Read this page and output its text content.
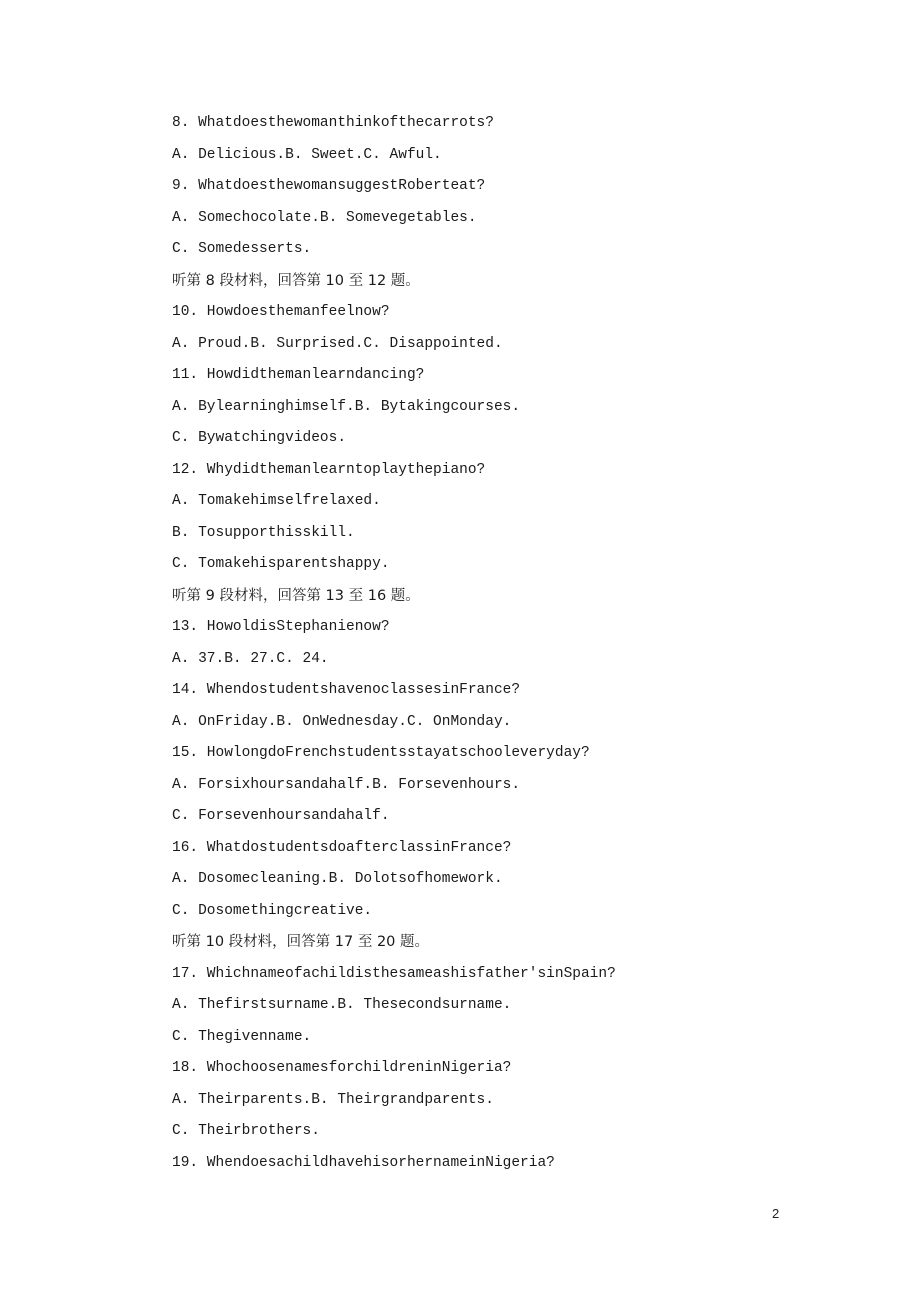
8. Whatdoesthewomanthinkofthecarrots?
A. Delicious.B. Sweet.C. Awful.
9. WhatdoesthewomansuggestRoberteat?
A. Somechocolate.B. Somevegetables.
C. Somedesserts.
听第 8 段材料，回答第 10 至 12 题。
10. Howdoesthemanfeelnow?
A. Proud.B. Surprised.C. Disappointed.
11. Howdidthemanlearndancing?
A. Bylearninghimself.B. Bytakingcourses.
C. Bywatchingvideos.
12. Whydidthemanlearntoplaythepiano?
A. Tomakehimselfrelaxed.
B. Tosupporthisskill.
C. Tomakehisparentshappy.
听第 9 段材料，回答第 13 至 16 题。
13. HowoldisStephanienow?
A. 37.B. 27.C. 24.
14. WhendostudentshavenoclassesinFrance?
A. OnFriday.B. OnWednesday.C. OnMonday.
15. HowlongdoFrenchstudentsstayatschooleveryday?
A. Forsixhoursandahalf.B. Forsevenhours.
C. Forsevenhoursandahalf.
16. WhatdostudentsdoafterclassinFrance?
A. Dosomecleaning.B. Dolotsofhomework.
C. Dosomethingcreative.
听第 10 段材料，回答第 17 至 20 题。
17. Whichnameofachildisthesameashisfather'sinSpain?
A. Thefirstsurname.B. Thesecondsurname.
C. Thegivenname.
18. WhochoosenamesforchildreninNigeria?
A. Theirparents.B. Theirgrandparents.
C. Theirbrothers.
19. WhendoesachildhavehisorhernameinNigeria?
2
